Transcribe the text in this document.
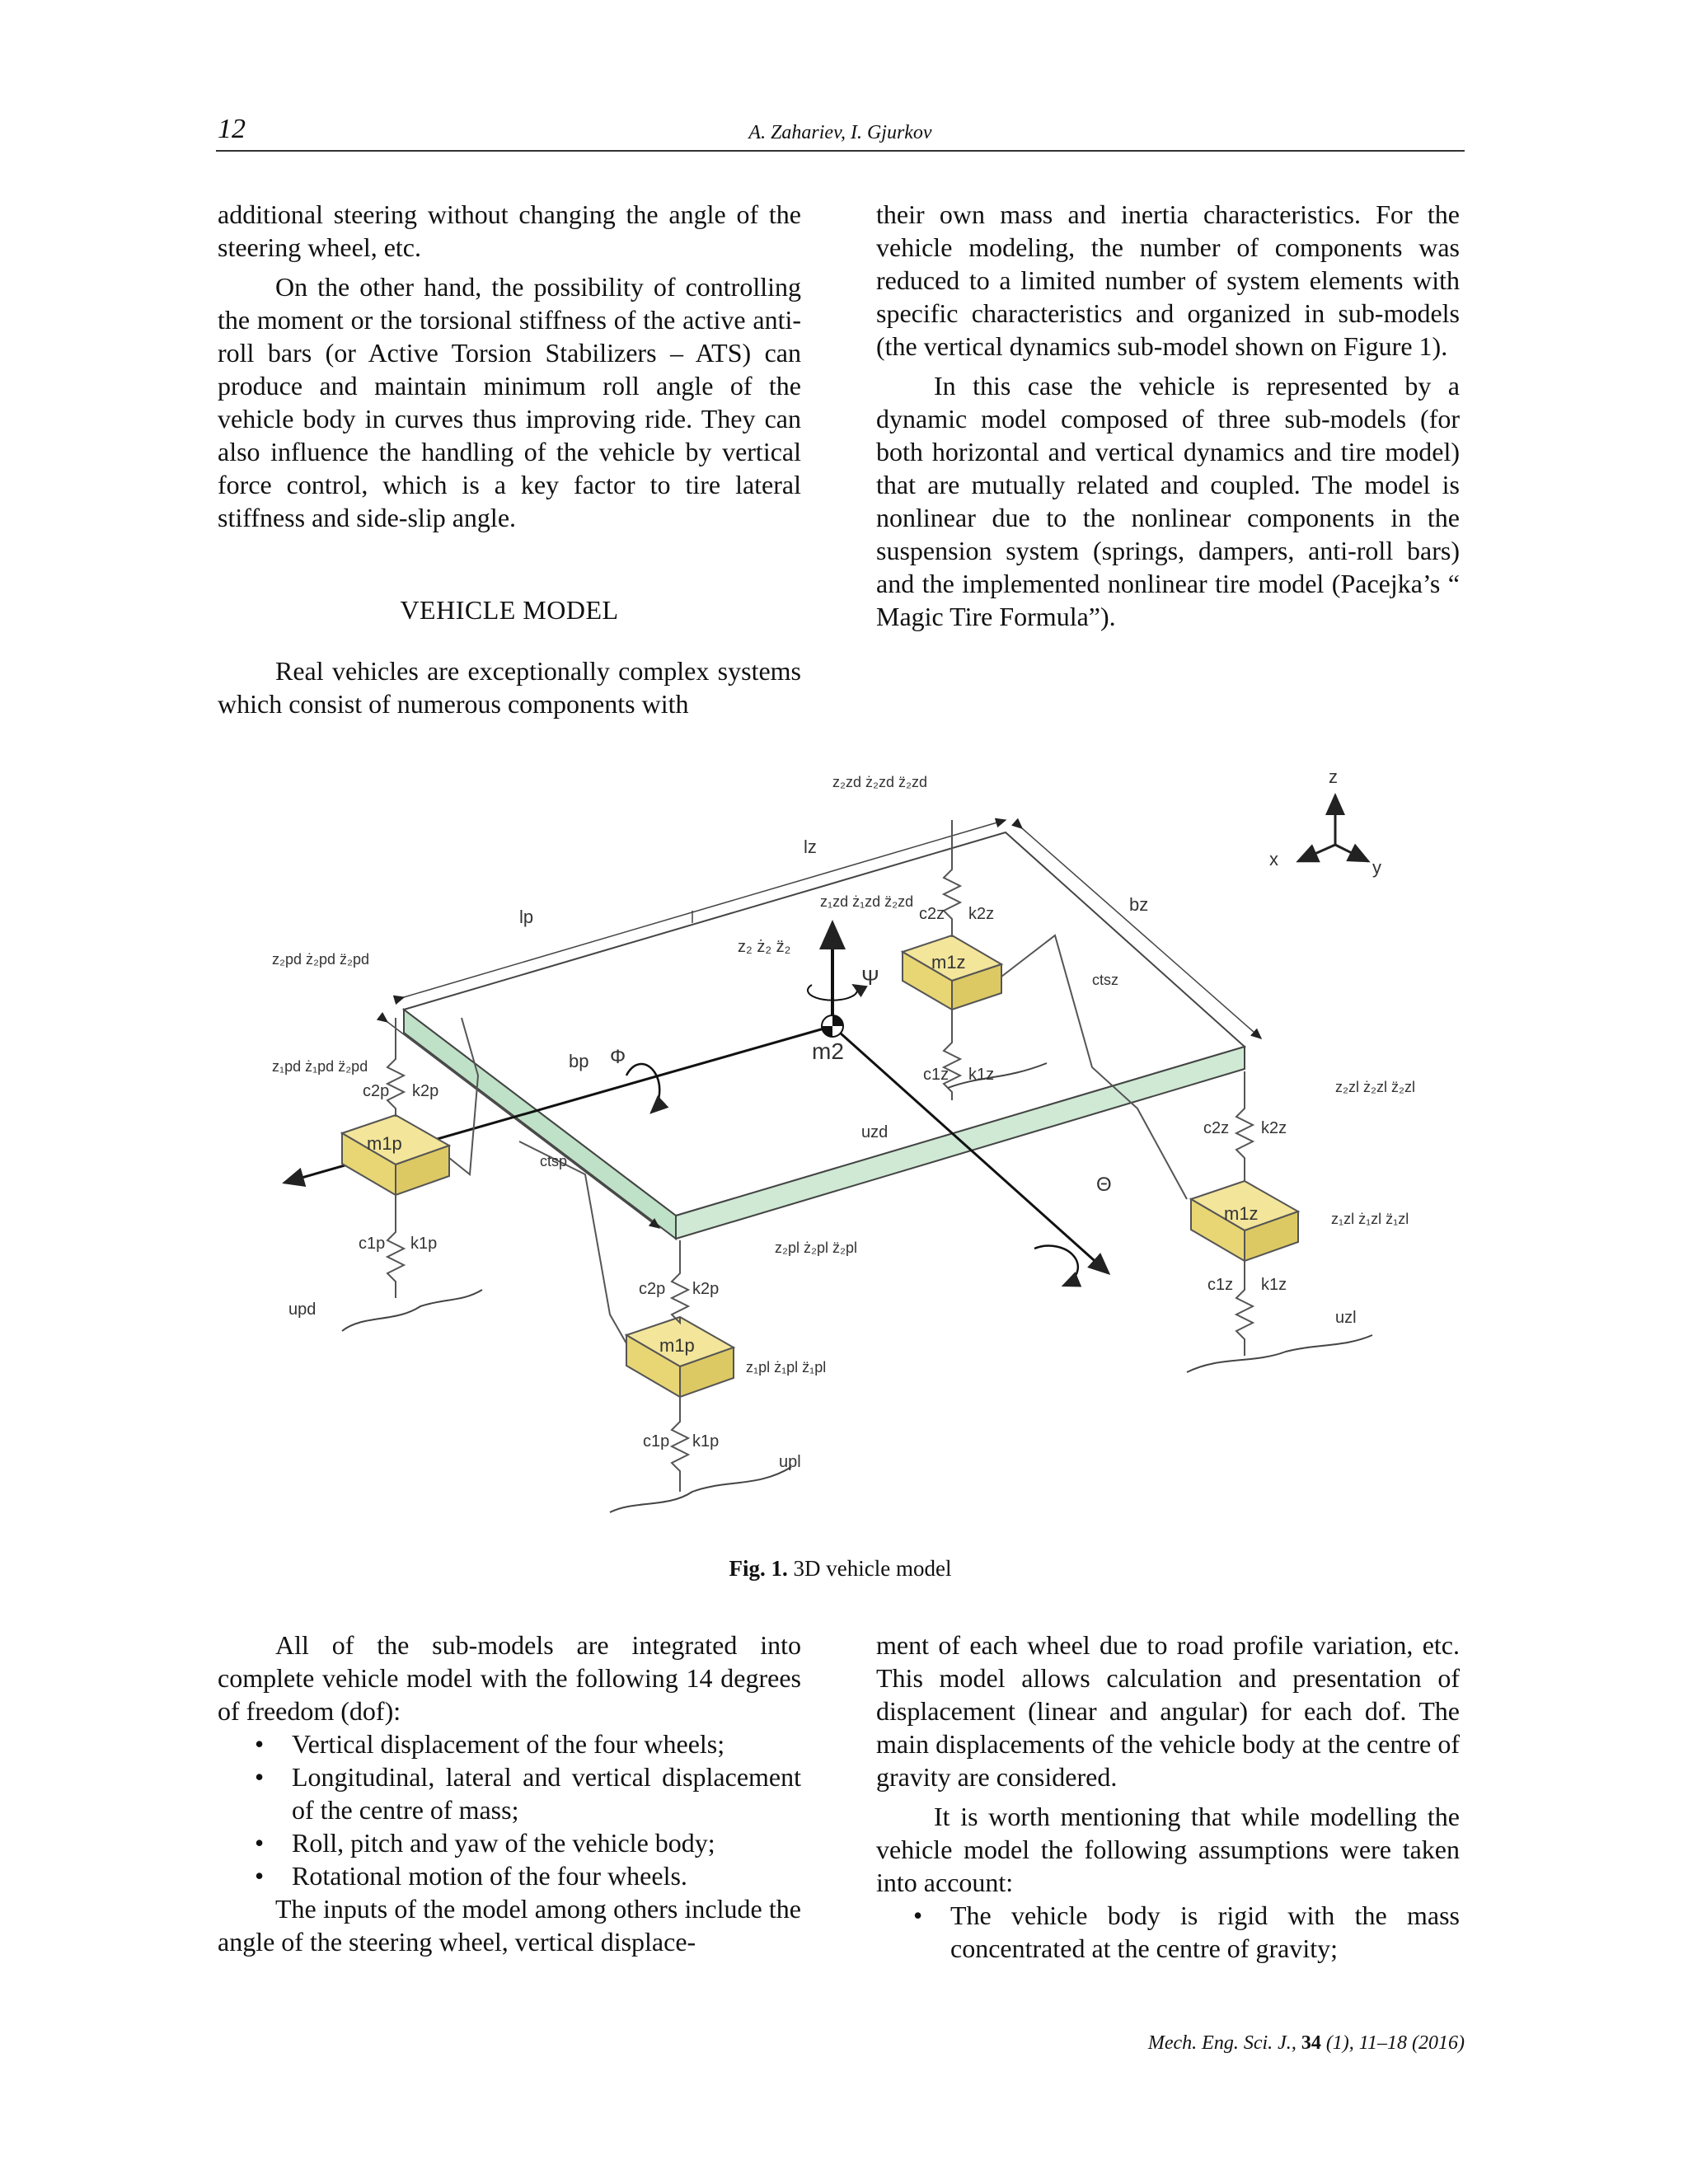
12	A. Zahariev, I. Gjurkov

additional steering without changing the angle of the steering wheel, etc.

On the other hand, the possibility of controlling the moment or the torsional stiffness of the active anti-roll bars (or Active Torsion Stabilizers – ATS) can produce and maintain minimum roll angle of the vehicle body in curves thus improving ride. They can also influence the handling of the vehicle by vertical force control, which is a key factor to tire lateral stiffness and side-slip angle.

VEHICLE MODEL

Real vehicles are exceptionally complex systems which consist of numerous components with

their own mass and inertia characteristics. For the vehicle modeling, the number of components was reduced to a limited number of system elements with specific characteristics and organized in sub-models (the vertical dynamics sub-model shown on Figure 1).

In this case the vehicle is represented by a dynamic model composed of three sub-models (for both horizontal and vertical dynamics and tire model) that are mutually related and coupled. The model is nonlinear due to the nonlinear components in the suspension system (springs, dampers, anti-roll bars) and the implemented nonlinear tire model (Pacejka’s “ Magic Tire Formula”).

z₂zd ż₂zd z̈₂zd
lz
lp
bz
bp
z₁zd ż₁zd z̈₂zd
c2z k2z
m1z
ctsz
z₂pd ż₂pd z̈₂pd
z₂ ż₂ z̈₂
Ψ
Φ	m2
z₁pd ż₁pd z̈₂pd
c2p k2p
m1p
c1z k1z
z₂zl ż₂zl z̈₂zl
ctsp
uzd
Θ
c2z k2z
m1z	z₁zl ż₁zl z̈₁zl
c1p k1p	z₂pl ż₂pl z̈₂pl
c2p k2p	c1z k1z
upd	uzl
m1p
z₁pl ż₁pl z̈₁pl
c1p k1p
upl
x	y
z
Fig. 1. 3D vehicle model

All of the sub-models are integrated into complete vehicle model with the following 14 degrees of freedom (dof):

• Vertical displacement of the four wheels;
• Longitudinal, lateral and vertical displacement of the centre of mass;
• Roll, pitch and yaw of the vehicle body;
• Rotational motion of the four wheels.

The inputs of the model among others include the angle of the steering wheel, vertical displace-

ment of each wheel due to road profile variation, etc. This model allows calculation and presentation of displacement (linear and angular) for each dof. The main displacements of the vehicle body at the centre of gravity are considered.

It is worth mentioning that while modelling the vehicle model the following assumptions were taken into account:

• The vehicle body is rigid with the mass concentrated at the centre of gravity;
Mech. Eng. Sci. J., 34 (1), 11–18 (2016)
